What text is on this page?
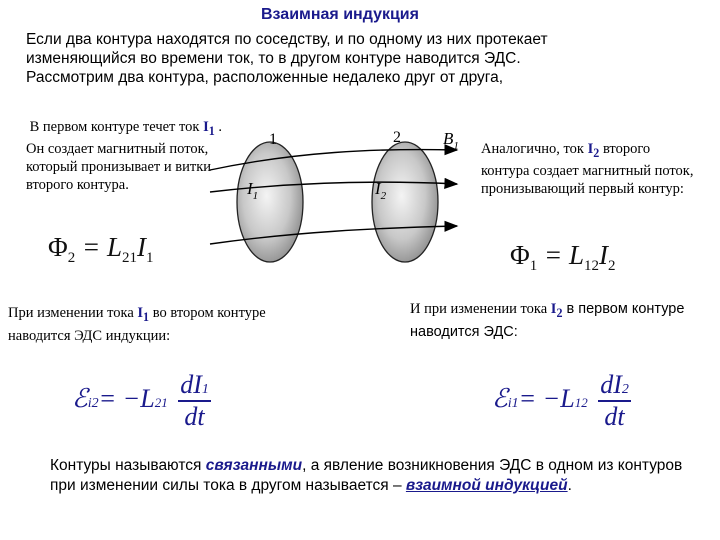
Взаимная индукция
Если два контура находятся по соседству, и по одному из них протекает
изменяющийся во времени ток, то в другом контуре наводится ЭДС.
Рассмотрим два контура, расположенные недалеко друг от друга,
В первом контуре течет ток $I_1$ . Он создает магнитный поток, который пронизывает и витки второго контура.
Аналогично, ток $I_2$ второго контура создает магнитный поток, пронизывающий первый контур:
1	2 $B_1$
$I_1$	$I_2$
$\Phi_2 = L_{21}I_1$	$\Phi_1 = L_{12}I_2$
При изменении тока $I_1$ во втором контуре наводится ЭДС индукции:
И при изменении тока $I_2$ в первом контуре наводится ЭДС:
ℰi2= $-L21 \frac{dI1}{dt}$	ℰi1= $-L12 \frac{dI2}{dt}$
Контуры называются связанными, а явление возникновения ЭДС в одном из контуров при изменении силы тока в другом называется – взаимной индукцией.
